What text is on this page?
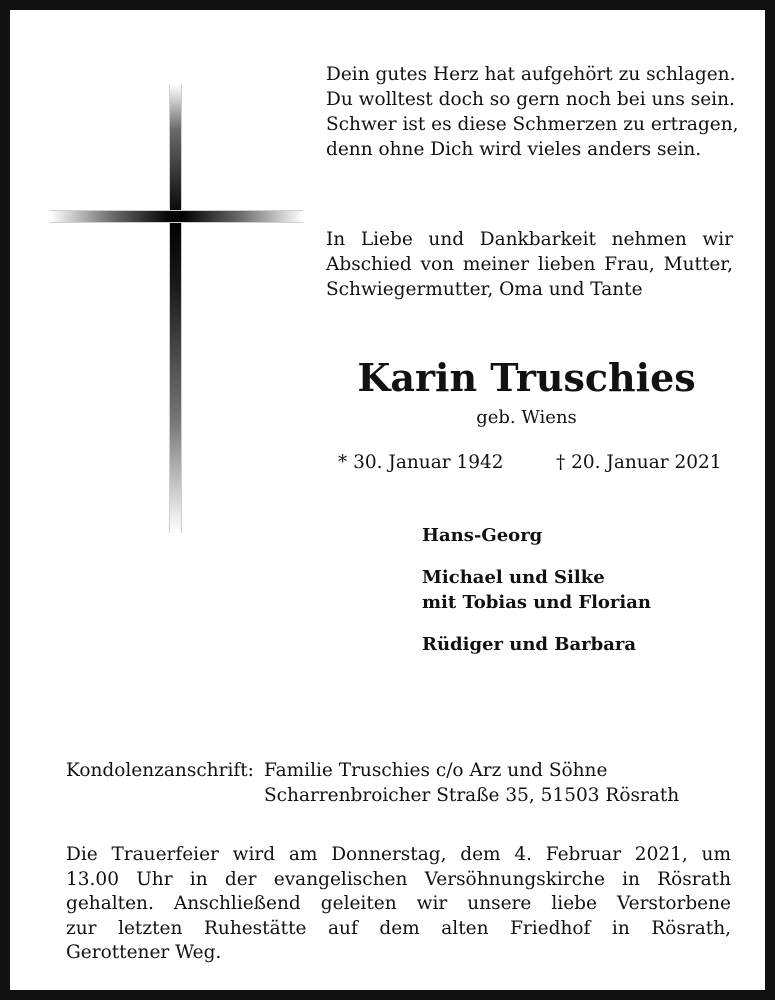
Dein gutes Herz hat aufgehört zu schlagen.
Du wolltest doch so gern noch bei uns sein.
Schwer ist es diese Schmerzen zu ertragen,
denn ohne Dich wird vieles anders sein.
In Liebe und Dankbarkeit nehmen wir
Abschied von meiner lieben Frau, Mutter,
Schwiegermutter, Oma und Tante
Karin Truschies
geb. Wiens
* 30. Januar 1942	† 20. Januar 2021
Hans-Georg
Michael und Silke
mit Tobias und Florian
Rüdiger und Barbara
Kondolenzanschrift: Familie Truschies c/o Arz und Söhne
Scharrenbroicher Straße 35, 51503 Rösrath
Die Trauerfeier wird am Donnerstag, dem 4. Februar 2021, um
13.00 Uhr in der evangelischen Versöhnungskirche in Rösrath
gehalten. Anschließend geleiten wir unsere liebe Verstorbene
zur letzten Ruhestätte auf dem alten Friedhof in Rösrath,
Gerottener Weg.
